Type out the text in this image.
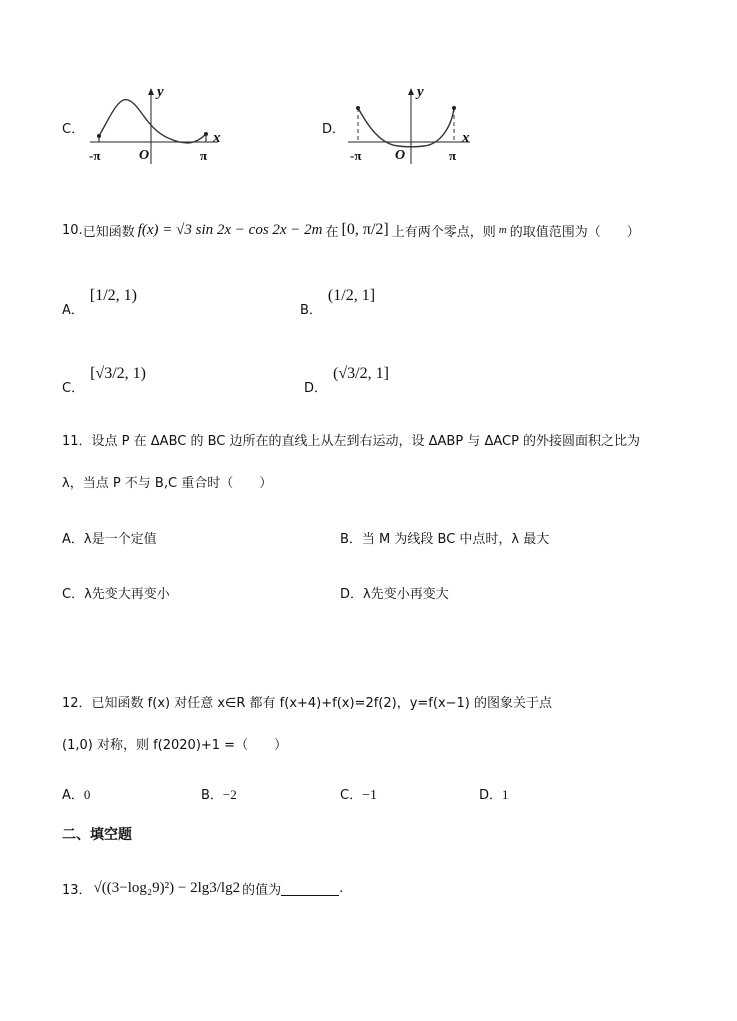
C．
y
x
-π	O	π
D．
y
x
-π O	π
10. 已知函数 f(x) = √3 sin 2x − cos 2x − 2m 在 [0, π/2] 上有两个零点，则 m 的取值范围为（　　）
A．
[1/2, 1)
B．
(1/2, 1]
C．
[√3/2, 1)
D．
(√3/2, 1]
11．设点 P 在 ΔABC 的 BC 边所在的直线上从左到右运动，设 ΔABP 与 ΔACP 的外接圆面积之比为
λ，当点 P 不与 B,C 重合时（　　）
A．λ是一个定值	B．当 M 为线段 BC 中点时，λ 最大
C．λ先变大再变小	D．λ先变小再变大
12．已知函数 f(x) 对任意 x∈R 都有 f(x+4)+f(x)=2f(2)，y=f(x−1) 的图象关于点
(1,0) 对称，则 f(2020)+1 =（　　）
A．0	B．−2	C．−1	D．1
二、填空题
13． √((3−log₂9)²) − 2lg3/lg2 的值为	.
